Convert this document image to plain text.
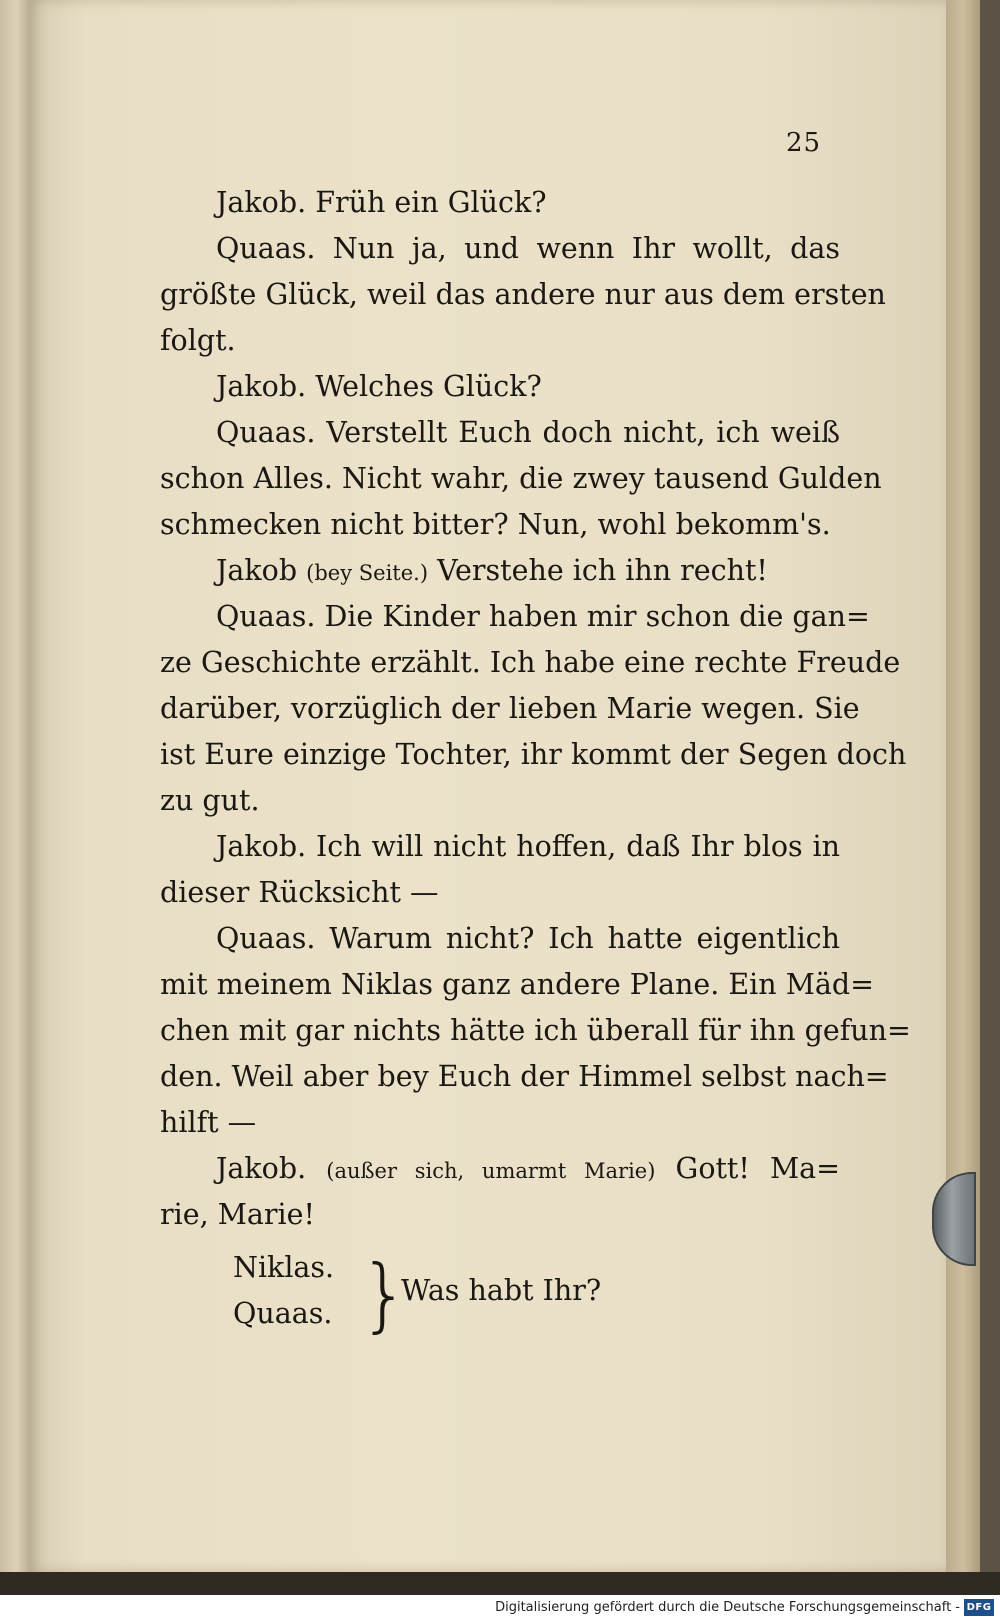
25
Jakob. Früh ein Glück?
Quaas. Nun ja, und wenn Ihr wollt, das
größte Glück, weil das andere nur aus dem ersten
folgt.
Jakob. Welches Glück?
Quaas. Verstellt Euch doch nicht, ich weiß
schon Alles. Nicht wahr, die zwey tausend Gulden
schmecken nicht bitter? Nun, wohl bekomm's.
Jakob (bey Seite.) Verstehe ich ihn recht!
Quaas. Die Kinder haben mir schon die gan=
ze Geschichte erzählt. Ich habe eine rechte Freude
darüber, vorzüglich der lieben Marie wegen. Sie
ist Eure einzige Tochter, ihr kommt der Segen doch
zu gut.
Jakob. Ich will nicht hoffen, daß Ihr blos in
dieser Rücksicht —
Quaas. Warum nicht? Ich hatte eigentlich
mit meinem Niklas ganz andere Plane. Ein Mäd=
chen mit gar nichts hätte ich überall für ihn gefun=
den. Weil aber bey Euch der Himmel selbst nach=
hilft —
Jakob. (außer sich, umarmt Marie) Gott! Ma=
rie, Marie!
Niklas.
Quaas. }
Was habt Ihr?
Digitalisierung gefördert durch die Deutsche Forschungsgemeinschaft - DFG
